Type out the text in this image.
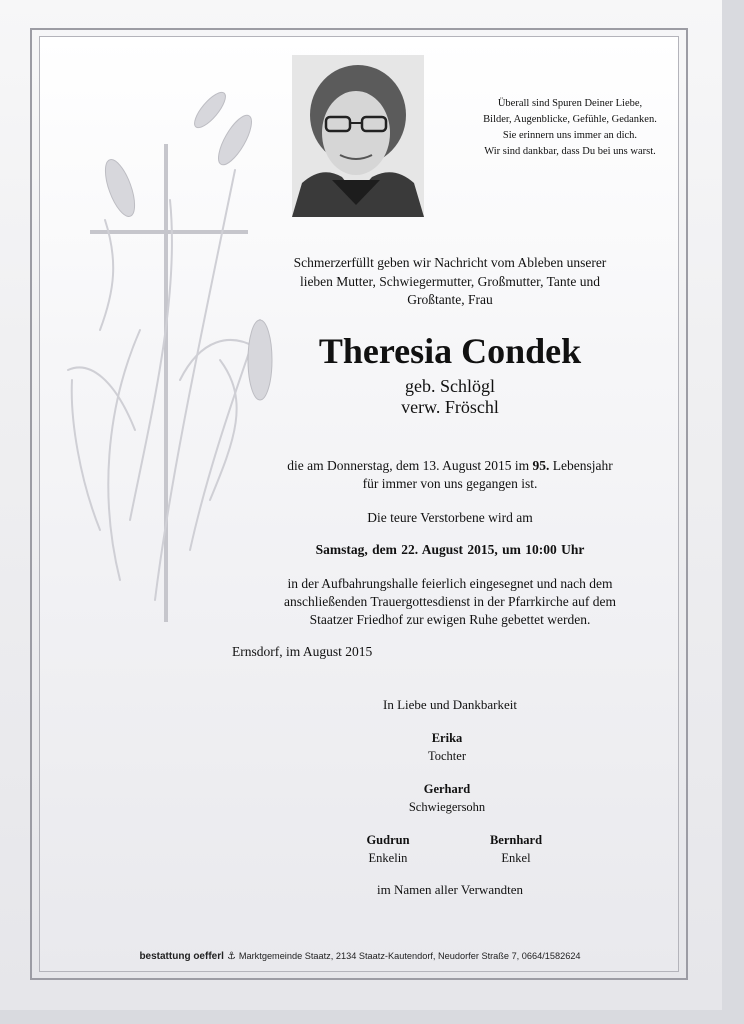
Überall sind Spuren Deiner Liebe,
Bilder, Augenblicke, Gefühle, Gedanken.
Sie erinnern uns immer an dich.
Wir sind dankbar, dass Du bei uns warst.
Schmerzerfüllt geben wir Nachricht vom Ableben unserer
lieben Mutter, Schwiegermutter, Großmutter, Tante und
Großtante, Frau
Theresia Condek
geb. Schlögl
verw. Fröschl
die am Donnerstag, dem 13. August 2015 im 95. Lebensjahr
für immer von uns gegangen ist.
Die teure Verstorbene wird am
Samstag, dem 22. August 2015, um 10:00 Uhr
in der Aufbahrungshalle feierlich eingesegnet und nach dem
anschließenden Trauergottesdienst in der Pfarrkirche auf dem
Staatzer Friedhof zur ewigen Ruhe gebettet werden.
Ernsdorf, im August 2015
In Liebe und Dankbarkeit
Erika
Tochter
Gerhard
Schwiegersohn
Gudrun
Enkelin
Bernhard
Enkel
im Namen aller Verwandten
bestattung oefferl ⚓ Marktgemeinde Staatz, 2134 Staatz-Kautendorf, Neudorfer Straße 7, 0664/1582624
